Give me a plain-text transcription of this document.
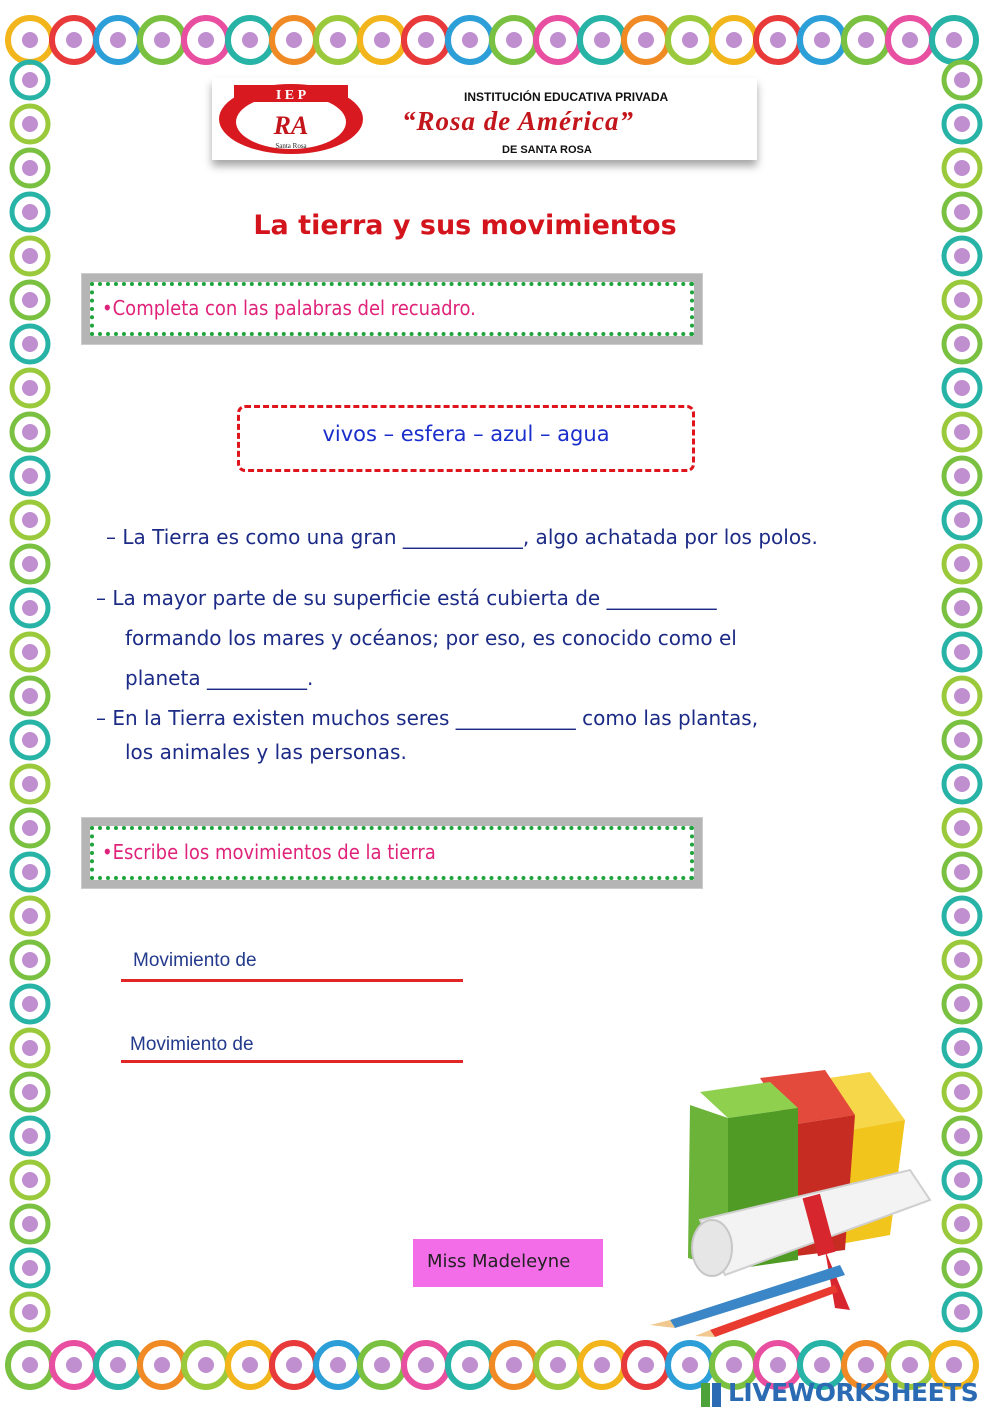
I E P
RA
Santa Rosa
INSTITUCIÓN EDUCATIVA PRIVADA
“Rosa de América”
DE SANTA ROSA
La tierra y sus movimientos
•Completa con las palabras del recuadro.
vivos – esfera – azul – agua
– La Tierra es como una gran ____________, algo achatada por los polos.
– La mayor parte de su superficie está cubierta de ___________
formando los mares y océanos; por eso, es conocido como el
planeta __________.
– En la Tierra existen muchos seres ____________ como las plantas,
los animales y las personas.
•Escribe los movimientos de la tierra
Movimiento de
Movimiento de
Miss Madeleyne
LIVEWORKSHEETS
